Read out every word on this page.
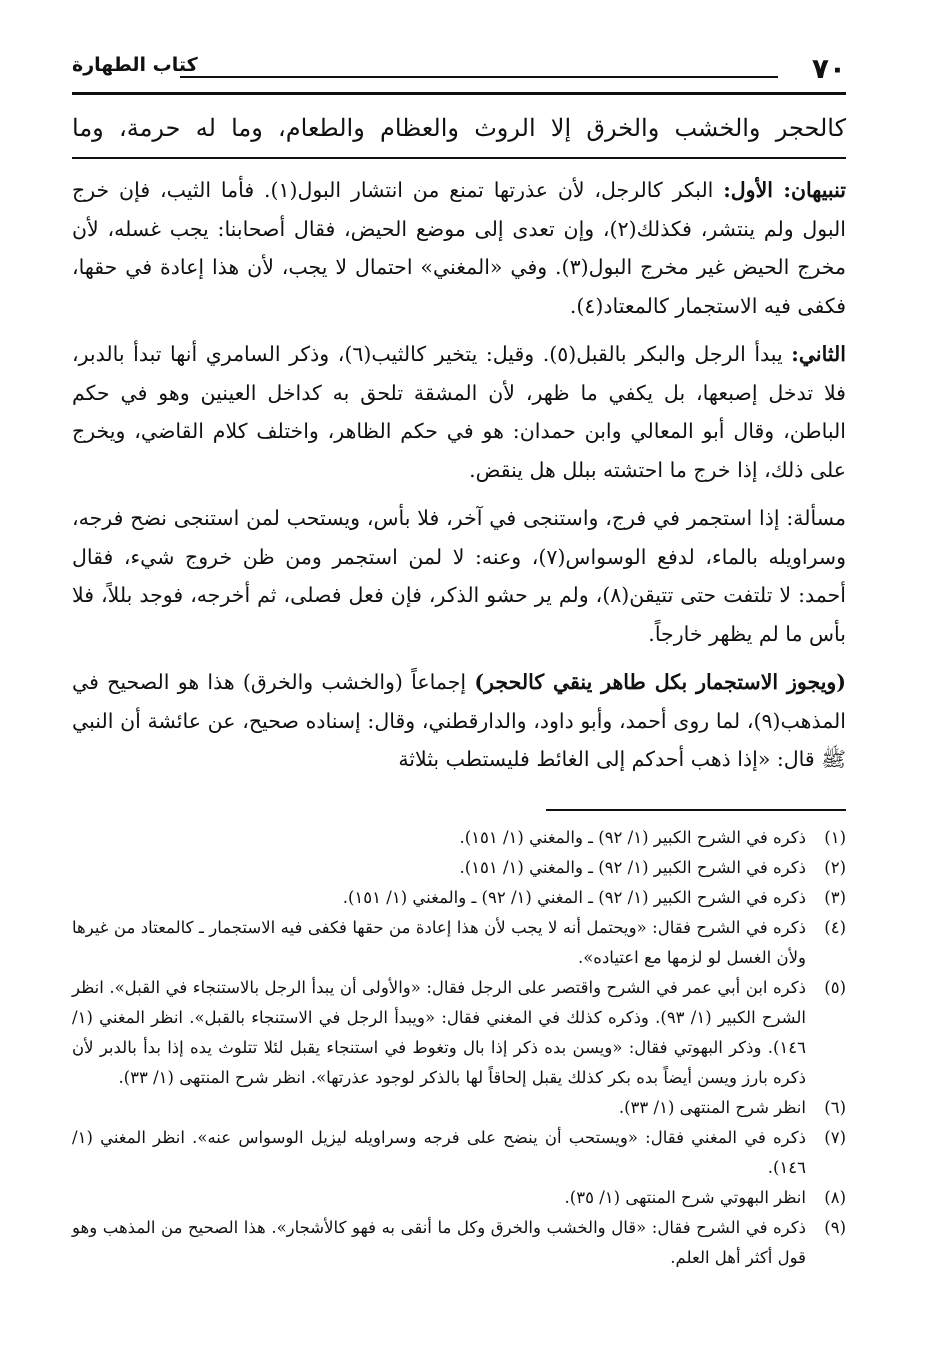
٧٠
كتاب الطهارة
كالحجر والخشب والخرق إلا الروث والعظام والطعام، وما له حرمة، وما

تنبيهان: الأول: البكر كالرجل، لأن عذرتها تمنع من انتشار البول(١). فأما الثيب، فإن خرج البول ولم ينتشر، فكذلك(٢)، وإن تعدى إلى موضع الحيض، فقال أصحابنا: يجب غسله، لأن مخرج الحيض غير مخرج البول(٣). وفي «المغني» احتمال لا يجب، لأن هذا إعادة في حقها، فكفى فيه الاستجمار كالمعتاد(٤).

الثاني: يبدأ الرجل والبكر بالقبل(٥). وقيل: يتخير كالثيب(٦)، وذكر السامري أنها تبدأ بالدبر، فلا تدخل إصبعها، بل يكفي ما ظهر، لأن المشقة تلحق به كداخل العينين وهو في حكم الباطن، وقال أبو المعالي وابن حمدان: هو في حكم الظاهر، واختلف كلام القاضي، ويخرج على ذلك، إذا خرج ما احتشته ببلل هل ينقض.

مسألة: إذا استجمر في فرج، واستنجى في آخر، فلا بأس، ويستحب لمن استنجى نضح فرجه، وسراويله بالماء، لدفع الوسواس(٧)، وعنه: لا لمن استجمر ومن ظن خروج شيء، فقال أحمد: لا تلتفت حتى تتيقن(٨)، ولم ير حشو الذكر، فإن فعل فصلى، ثم أخرجه، فوجد بللاً، فلا بأس ما لم يظهر خارجاً.

(ويجوز الاستجمار بكل طاهر ينقي كالحجر) إجماعاً (والخشب والخرق) هذا هو الصحيح في المذهب(٩)، لما روى أحمد، وأبو داود، والدارقطني، وقال: إسناده صحيح، عن عائشة أن النبي ﷺ قال: «إذا ذهب أحدكم إلى الغائط فليستطب بثلاثة

(١)
ذكره في الشرح الكبير (١/ ٩٢) ـ والمغني (١/ ١٥١).
(٢)
ذكره في الشرح الكبير (١/ ٩٢) ـ والمغني (١/ ١٥١).
(٣)
ذكره في الشرح الكبير (١/ ٩٢) ـ المغني (١/ ٩٢) ـ والمغني (١/ ١٥١).
(٤)
ذكره في الشرح فقال: «ويحتمل أنه لا يجب لأن هذا إعادة من حقها فكفى فيه الاستجمار ـ كالمعتاد من غيرها ولأن الغسل لو لزمها مع اعتياده».
(٥)
ذكره ابن أبي عمر في الشرح واقتصر على الرجل فقال: «والأولى أن يبدأ الرجل بالاستنجاء في القبل». انظر الشرح الكبير (١/ ٩٣). وذكره كذلك في المغني فقال: «ويبدأ الرجل في الاستنجاء بالقبل». انظر المغني (١/ ١٤٦). وذكر البهوتي فقال: «ويسن بده ذكر إذا بال وتغوط في استنجاء يقبل لئلا تتلوث يده إذا بدأ بالدبر لأن ذكره بارز ويسن أيضاً بده بكر كذلك يقبل إلحاقاً لها بالذكر لوجود عذرتها». انظر شرح المنتهى (١/ ٣٣).
(٦)
انظر شرح المنتهى (١/ ٣٣).
(٧)
ذكره في المغني فقال: «ويستحب أن ينضح على فرجه وسراويله ليزيل الوسواس عنه». انظر المغني (١/ ١٤٦).
(٨)
انظر البهوتي شرح المنتهى (١/ ٣٥).
(٩)
ذكره في الشرح فقال: «قال والخشب والخرق وكل ما أنقى به فهو كالأشجار». هذا الصحيح من المذهب وهو قول أكثر أهل العلم.
